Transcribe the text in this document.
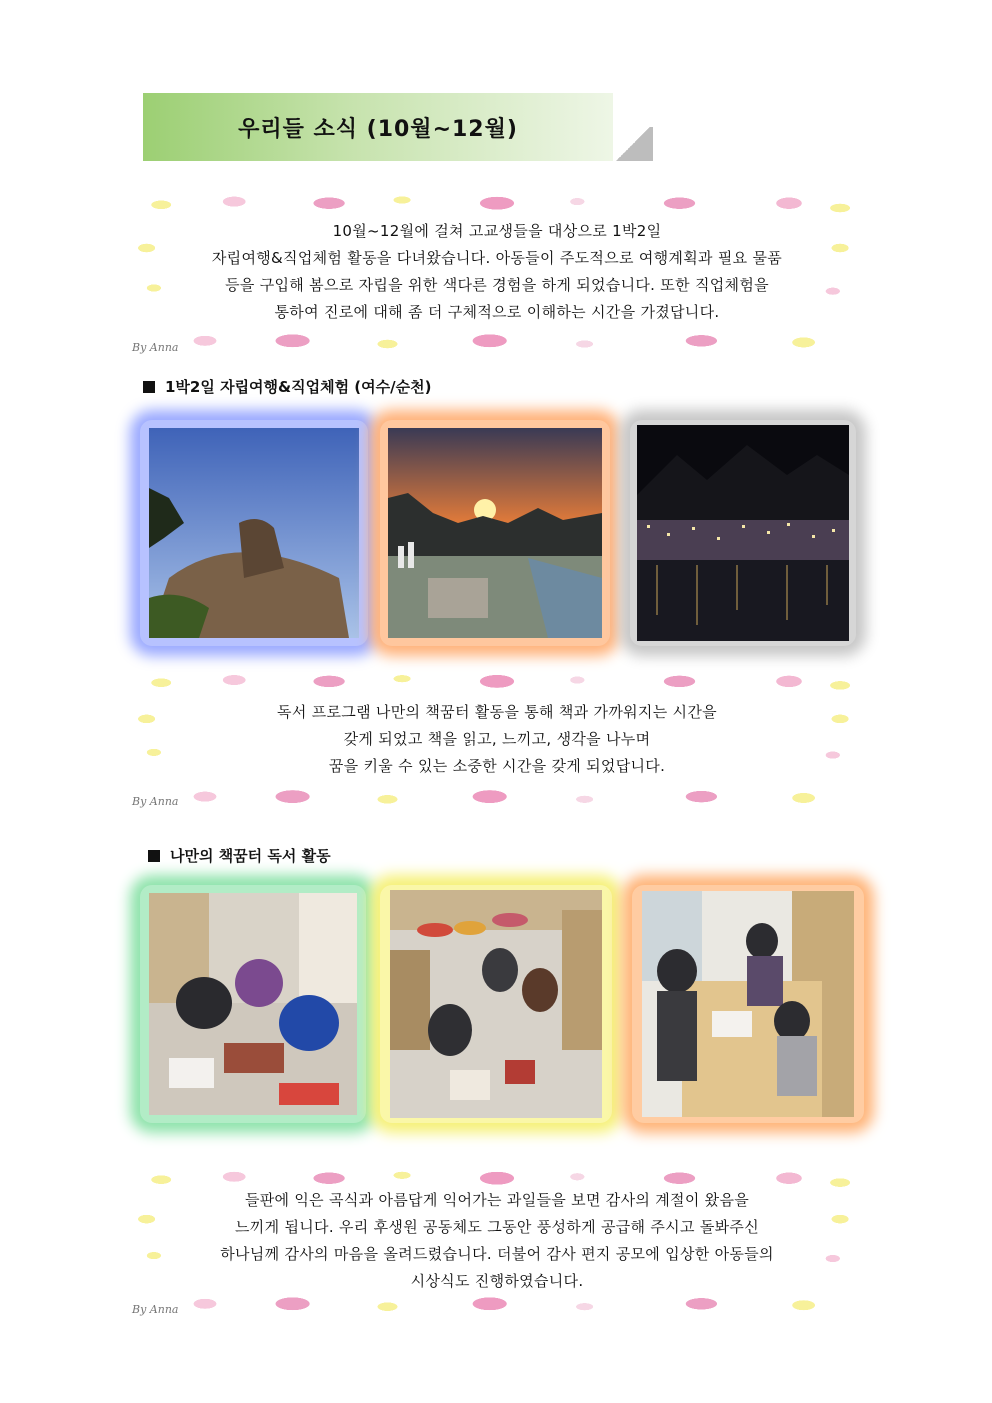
우리들 소식 (10월~12월)

10월~12월에 걸쳐 고교생들을 대상으로 1박2일

자립여행&직업체험 활동을 다녀왔습니다. 아동들이 주도적으로 여행계획과 필요 물품

등을 구입해 봄으로 자립을 위한 색다른 경험을 하게 되었습니다. 또한 직업체험을

통하여 진로에 대해 좀 더 구체적으로 이해하는 시간을 가졌답니다.

By Anna
1박2일 자립여행&직업체험 (여수/순천)

독서 프로그램 나만의 책꿈터 활동을 통해 책과 가까워지는 시간을

갖게 되었고 책을 읽고, 느끼고, 생각을 나누며

꿈을 키울 수 있는 소중한 시간을 갖게 되었답니다.

By Anna
나만의 책꿈터 독서 활동

들판에 익은 곡식과 아름답게 익어가는 과일들을 보면 감사의 계절이 왔음을

느끼게 됩니다. 우리 후생원 공동체도 그동안 풍성하게 공급해 주시고 돌봐주신

하나님께 감사의 마음을 올려드렸습니다. 더불어 감사 편지 공모에 입상한 아동들의

시상식도 진행하였습니다.

By Anna
